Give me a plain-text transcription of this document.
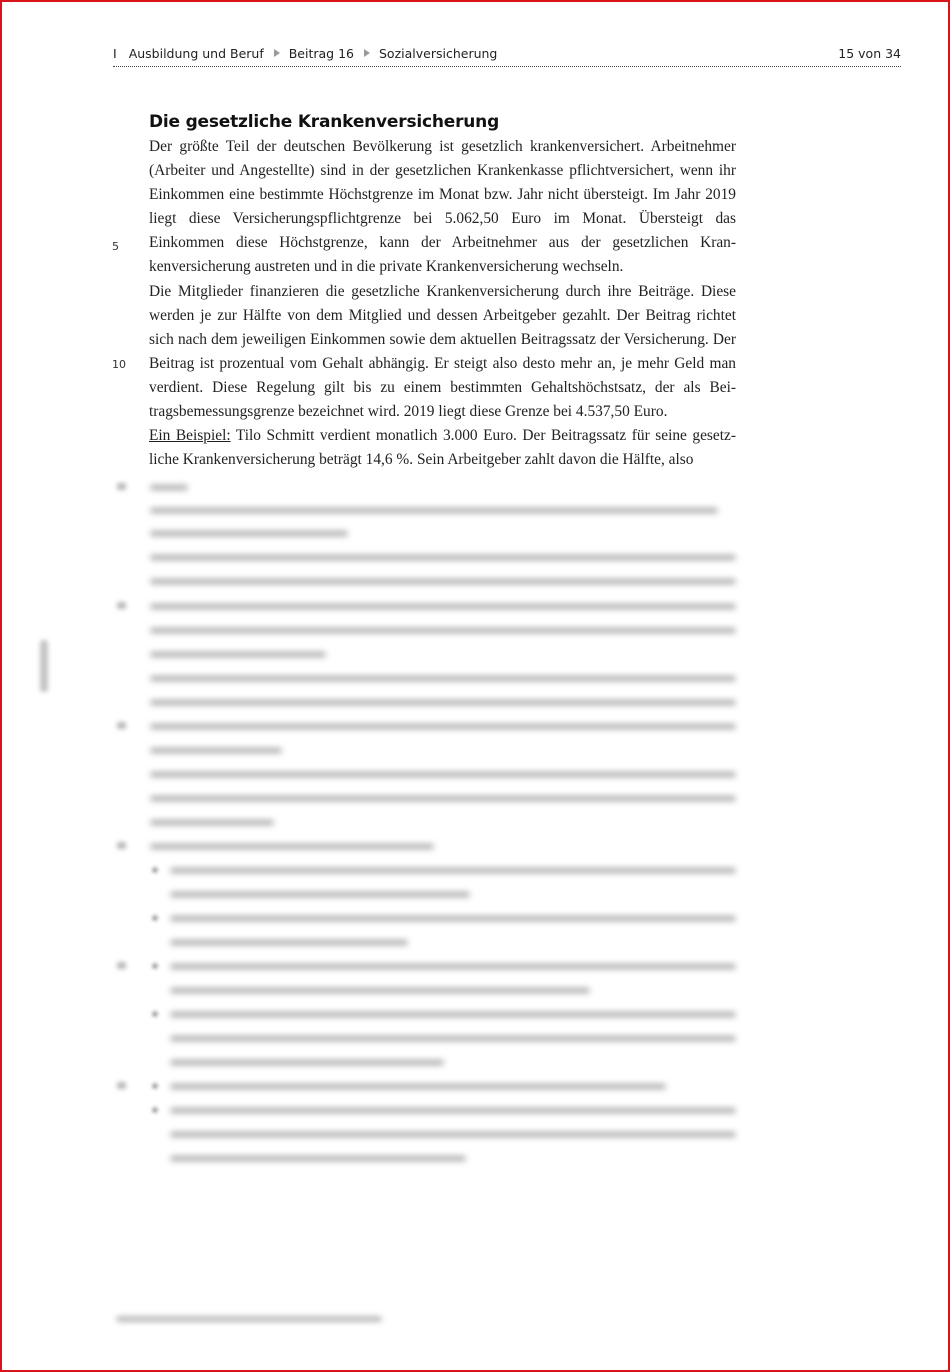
I Ausbildung und Beruf Beitrag 16 Sozialversicherung	15 von 34
5
10
Die gesetzliche Krankenversicherung

Der größte Teil der deutschen Bevölkerung ist gesetzlich krankenversichert. Arbeitnehmer (Arbeiter und Angestellte) sind in der gesetzlichen Krankenkasse pflichtversichert, wenn ihr Einkommen eine bestimmte Höchstgrenze im Monat bzw. Jahr nicht übersteigt. Im Jahr 2019 liegt diese Versicherungspflichtgrenze bei 5.062,50 Euro im Monat. Übersteigt das Einkommen diese Höchstgrenze, kann der Arbeitnehmer aus der gesetzlichen Krankenversicherung austreten und in die private Krankenversicherung wechseln.

Die Mitglieder finanzieren die gesetzliche Krankenversicherung durch ihre Beiträge. Diese werden je zur Hälfte von dem Mitglied und dessen Arbeitgeber gezahlt. Der Beitrag richtet sich nach dem jeweiligen Einkommen sowie dem aktuellen Beitragssatz der Versicherung. Der Beitrag ist prozentual vom Gehalt abhängig. Er steigt also desto mehr an, je mehr Geld man verdient. Diese Regelung gilt bis zu einem bestimmten Gehaltshöchstsatz, der als Beitragsbemessungsgrenze bezeichnet wird. 2019 liegt diese Grenze bei 4.537,50 Euro.

Ein Beispiel: Tilo Schmitt verdient monatlich 3.000 Euro. Der Beitragssatz für seine gesetzliche Krankenversicherung beträgt 14,6 %. Sein Arbeitgeber zahlt davon die Hälfte, also
